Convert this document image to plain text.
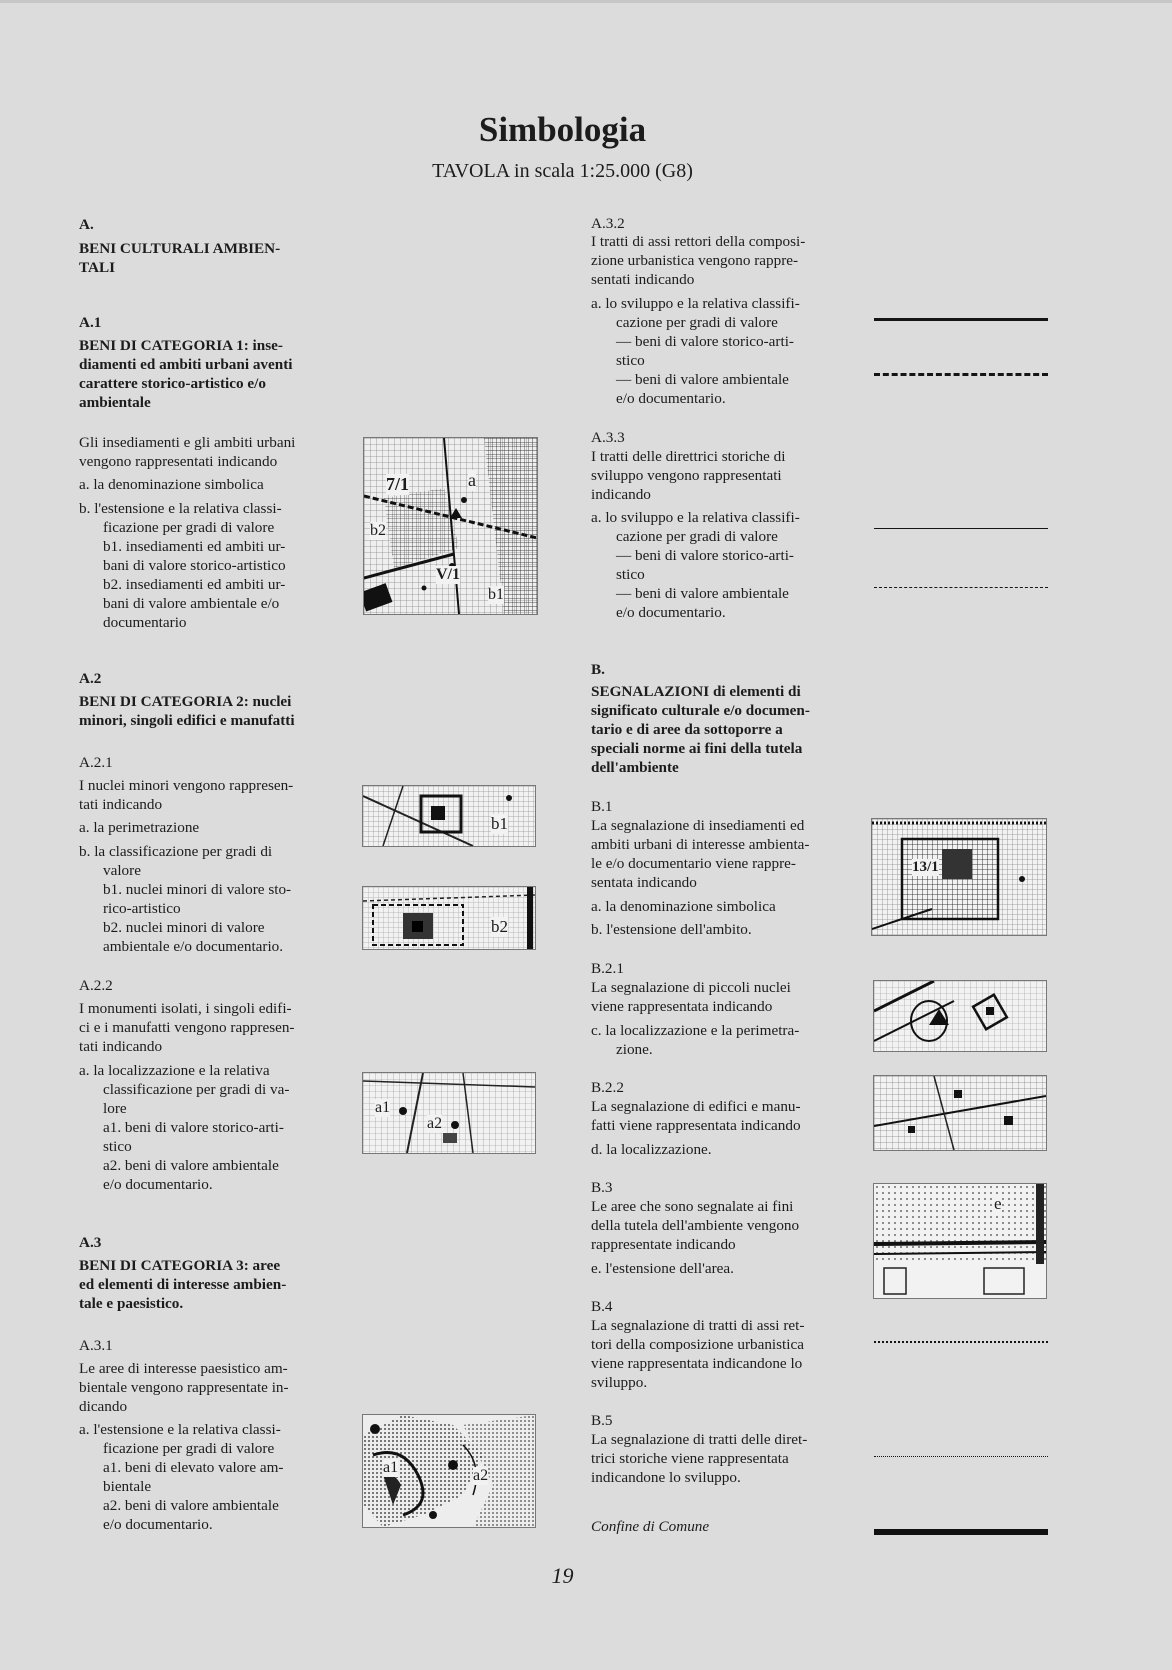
Simbologia
TAVOLA in scala 1:25.000 (G8)
A.
BENI CULTURALI AMBIEN-
TALI
A.1
BENI DI CATEGORIA 1: inse-
diamenti ed ambiti urbani aventi
carattere storico-artistico e/o
ambientale
Gli insediamenti e gli ambiti urbani
vengono rappresentati indicando
a. la denominazione simbolica
b. l'estensione e la relativa classi-
ficazione per gradi di valore
b1. insediamenti ed ambiti ur-
bani di valore storico-artistico
b2. insediamenti ed ambiti ur-
bani di valore ambientale e/o
documentario
A.2
BENI DI CATEGORIA 2: nuclei
minori, singoli edifici e manufatti
A.2.1
I nuclei minori vengono rappresen-
tati indicando
a. la perimetrazione
b. la classificazione per gradi di
valore
b1. nuclei minori di valore sto-
rico-artistico
b2. nuclei minori di valore
ambientale e/o documentario.
A.2.2
I monumenti isolati, i singoli edifi-
ci e i manufatti vengono rappresen-
tati indicando
a. la localizzazione e la relativa
classificazione per gradi di va-
lore
a1. beni di valore storico-arti-
stico
a2. beni di valore ambientale
e/o documentario.
A.3
BENI DI CATEGORIA 3: aree
ed elementi di interesse ambien-
tale e paesistico.
A.3.1
Le aree di interesse paesistico am-
bientale vengono rappresentate in-
dicando
a. l'estensione e la relativa classi-
ficazione per gradi di valore
a1. beni di elevato valore am-
bientale
a2. beni di valore ambientale
e/o documentario.
7/1	a
b2
V/1
b1
b1
b2
a1
a2
a1	a2
A.3.2
I tratti di assi rettori della composi-
zione urbanistica vengono rappre-
sentati indicando
a. lo sviluppo e la relativa classifi-
cazione per gradi di valore
— beni di valore storico-arti-
stico
— beni di valore ambientale
e/o documentario.
A.3.3
I tratti delle direttrici storiche di
sviluppo vengono rappresentati
indicando
a. lo sviluppo e la relativa classifi-
cazione per gradi di valore
— beni di valore storico-arti-
stico
— beni di valore ambientale
e/o documentario.
B.
SEGNALAZIONI di elementi di
significato culturale e/o documen-
tario e di aree da sottoporre a
speciali norme ai fini della tutela
dell'ambiente
B.1
La segnalazione di insediamenti ed
ambiti urbani di interesse ambienta-
le e/o documentario viene rappre-
sentata indicando
a. la denominazione simbolica
b. l'estensione dell'ambito.
B.2.1
La segnalazione di piccoli nuclei
viene rappresentata indicando
c. la localizzazione e la perimetra-
zione.
B.2.2
La segnalazione di edifici e manu-
fatti viene rappresentata indicando
d. la localizzazione.
B.3
Le aree che sono segnalate ai fini
della tutela dell'ambiente vengono
rappresentate indicando
e. l'estensione dell'area.
B.4
La segnalazione di tratti di assi ret-
tori della composizione urbanistica
viene rappresentata indicandone lo
sviluppo.
B.5
La segnalazione di tratti delle diret-
trici storiche viene rappresentata
indicandone lo sviluppo.
Confine di Comune
13/1
e
19
